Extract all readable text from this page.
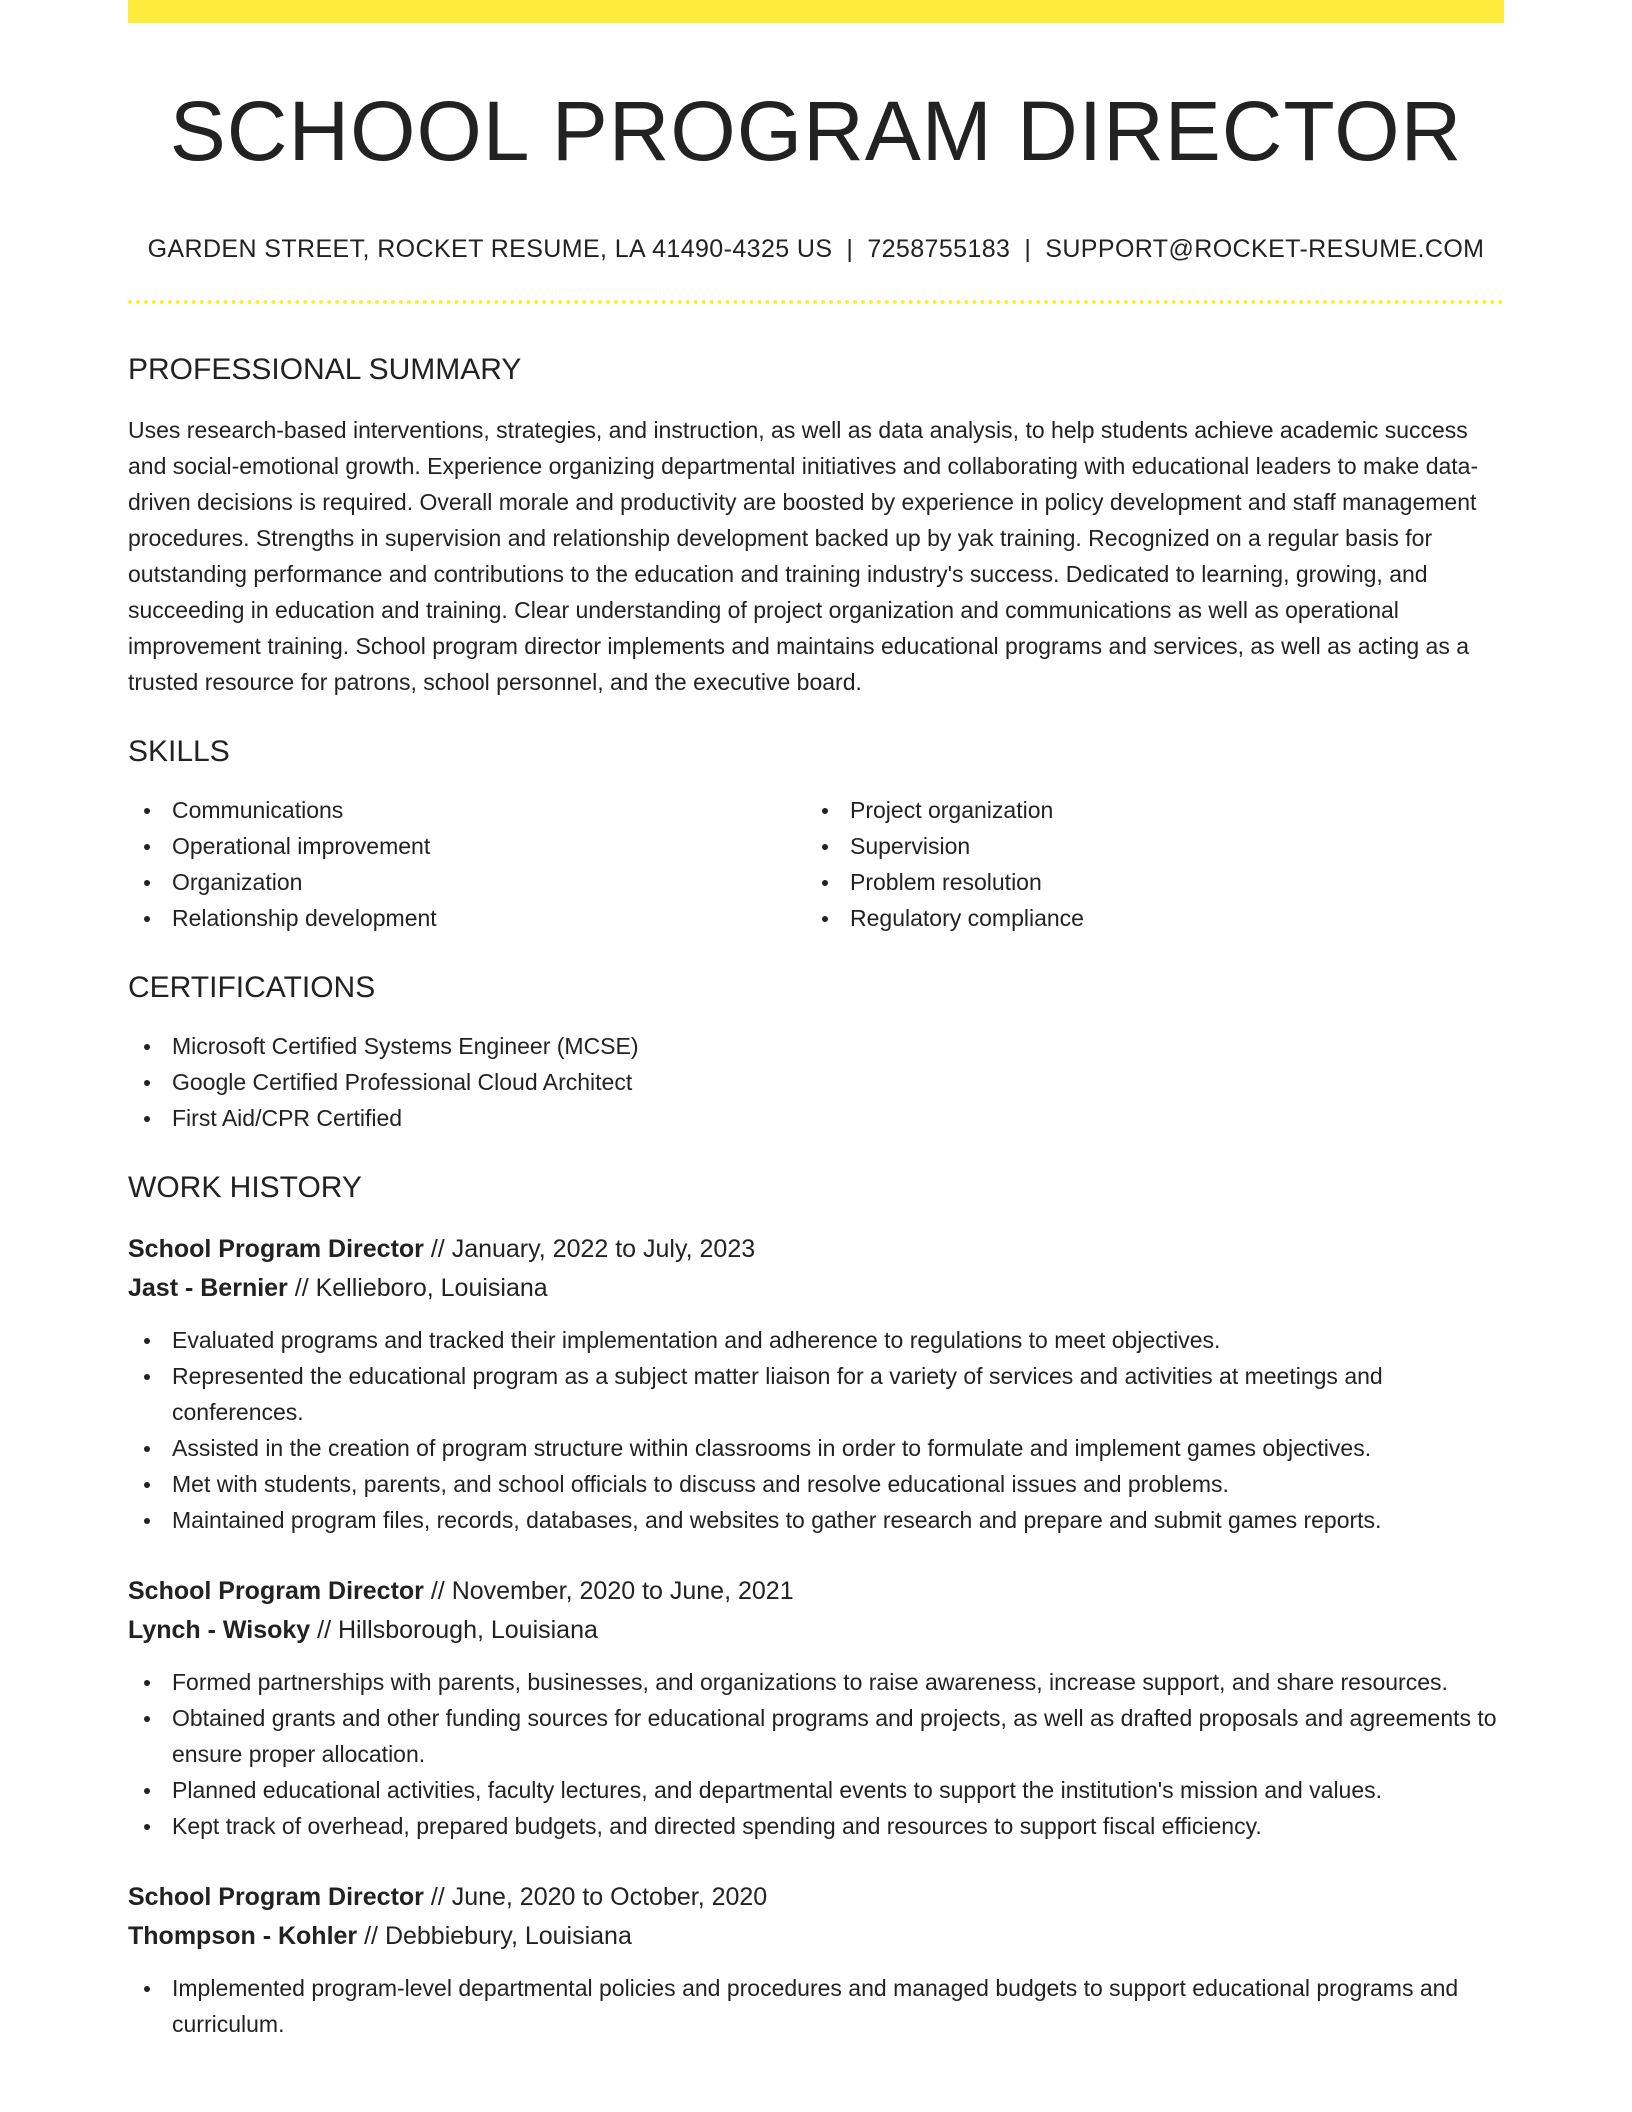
SCHOOL PROGRAM DIRECTOR
GARDEN STREET, ROCKET RESUME, LA 41490-4325 US | 7258755183 | SUPPORT@ROCKET-RESUME.COM
PROFESSIONAL SUMMARY
Uses research-based interventions, strategies, and instruction, as well as data analysis, to help students achieve academic success and social-emotional growth. Experience organizing departmental initiatives and collaborating with educational leaders to make data-driven decisions is required. Overall morale and productivity are boosted by experience in policy development and staff management procedures. Strengths in supervision and relationship development backed up by yak training. Recognized on a regular basis for outstanding performance and contributions to the education and training industry's success. Dedicated to learning, growing, and succeeding in education and training. Clear understanding of project organization and communications as well as operational improvement training. School program director implements and maintains educational programs and services, as well as acting as a trusted resource for patrons, school personnel, and the executive board.
SKILLS
Communications	Project organization
Operational improvement	Supervision
Organization	Problem resolution
Relationship development	Regulatory compliance
CERTIFICATIONS
Microsoft Certified Systems Engineer (MCSE)
Google Certified Professional Cloud Architect
First Aid/CPR Certified
WORK HISTORY
School Program Director // January, 2022 to July, 2023
Jast - Bernier // Kellieboro, Louisiana
Evaluated programs and tracked their implementation and adherence to regulations to meet objectives.
Represented the educational program as a subject matter liaison for a variety of services and activities at meetings and conferences.
Assisted in the creation of program structure within classrooms in order to formulate and implement games objectives.
Met with students, parents, and school officials to discuss and resolve educational issues and problems.
Maintained program files, records, databases, and websites to gather research and prepare and submit games reports.
School Program Director // November, 2020 to June, 2021
Lynch - Wisoky // Hillsborough, Louisiana
Formed partnerships with parents, businesses, and organizations to raise awareness, increase support, and share resources.
Obtained grants and other funding sources for educational programs and projects, as well as drafted proposals and agreements to ensure proper allocation.
Planned educational activities, faculty lectures, and departmental events to support the institution's mission and values.
Kept track of overhead, prepared budgets, and directed spending and resources to support fiscal efficiency.
School Program Director // June, 2020 to October, 2020
Thompson - Kohler // Debbiebury, Louisiana
Implemented program-level departmental policies and procedures and managed budgets to support educational programs and curriculum.
